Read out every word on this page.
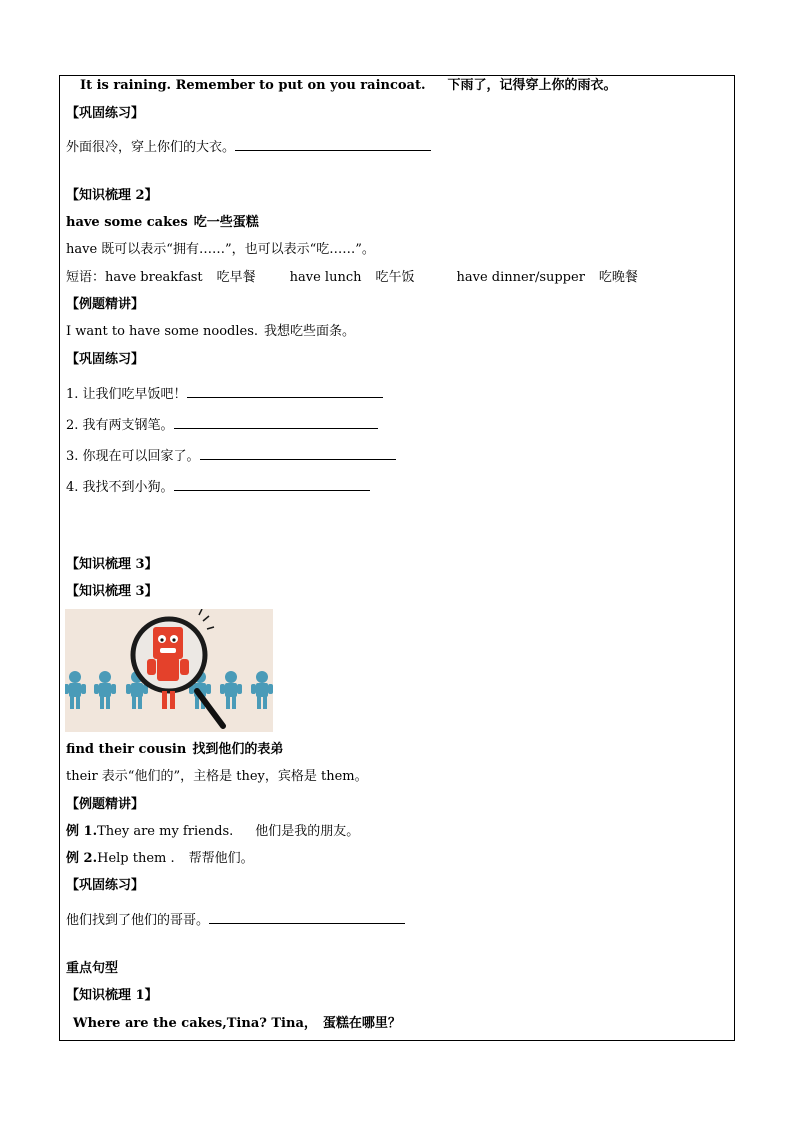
It is raining. Remember to put on you raincoat. 下雨了，记得穿上你的雨衣。
【巩固练习】
外面很冷，穿上你们的大衣。
【知识梳理 2】
have some cakes 吃一些蛋糕
have 既可以表示“拥有……”，也可以表示“吃……”。
短语：have breakfast 吃早餐	have lunch 吃午饭	have dinner/supper 吃晚餐
【例题精讲】
I want to have some noodles. 我想吃些面条。
【巩固练习】
1. 让我们吃早饭吧！
2. 我有两支钢笔。
3. 你现在可以回家了。
4. 我找不到小狗。
【知识梳理 3】
【知识梳理 3】
find their cousin 找到他们的表弟
their 表示“他们的”，主格是 they，宾格是 them。
【例题精讲】
例 1.They are my friends. 他们是我的朋友。
例 2.Help them . 帮帮他们。
【巩固练习】
他们找到了他们的哥哥。
重点句型
【知识梳理 1】
Where are the cakes,Tina? Tina， 蛋糕在哪里？
